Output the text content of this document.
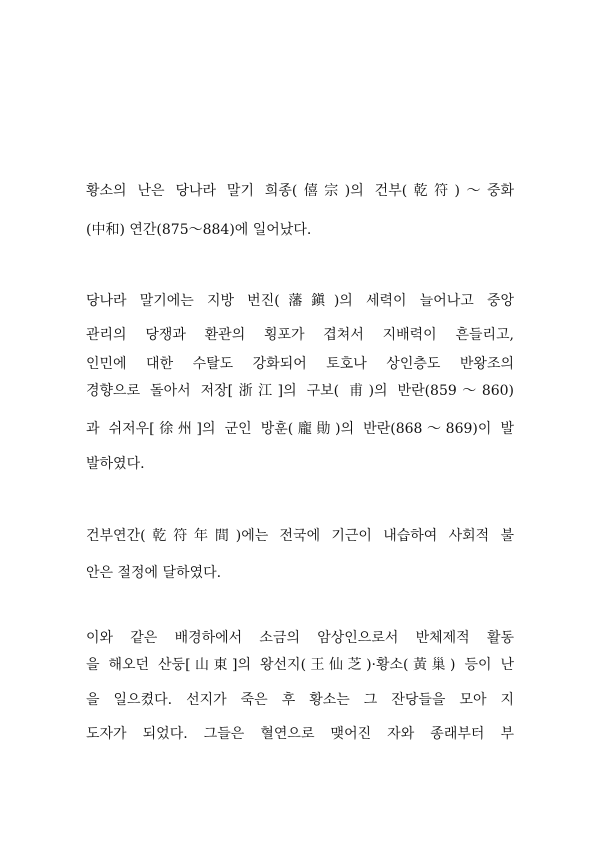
황소의 난은 당나라 말기 희종(僖宗)의 건부(乾符)～중화
(中和) 연간(875～884)에 일어났다.
당나라 말기에는 지방 번진(藩鎭)의 세력이 늘어나고 중앙
관리의 당쟁과 환관의 횡포가 겹쳐서 지배력이 흔들리고,
인민에 대한 수탈도 강화되어 토호나 상인층도 반왕조의
경향으로 돌아서 저장[浙江]의 구보( 甫)의 반란(859～860)
과 쉬저우[徐州]의 군인 방훈(龐勛)의 반란(868～869)이 발
발하였다.
건부연간(乾符年間)에는 전국에 기근이 내습하여 사회적 불
안은 절정에 달하였다.
이와 같은 배경하에서 소금의 암상인으로서 반체제적 활동
을 해오던 산둥[山東]의 왕선지(王仙芝)·황소(黃巢) 등이 난
을 일으켰다. 선지가 죽은 후 황소는 그 잔당들을 모아 지
도자가 되었다. 그들은 혈연으로 맺어진 자와 종래부터 부
